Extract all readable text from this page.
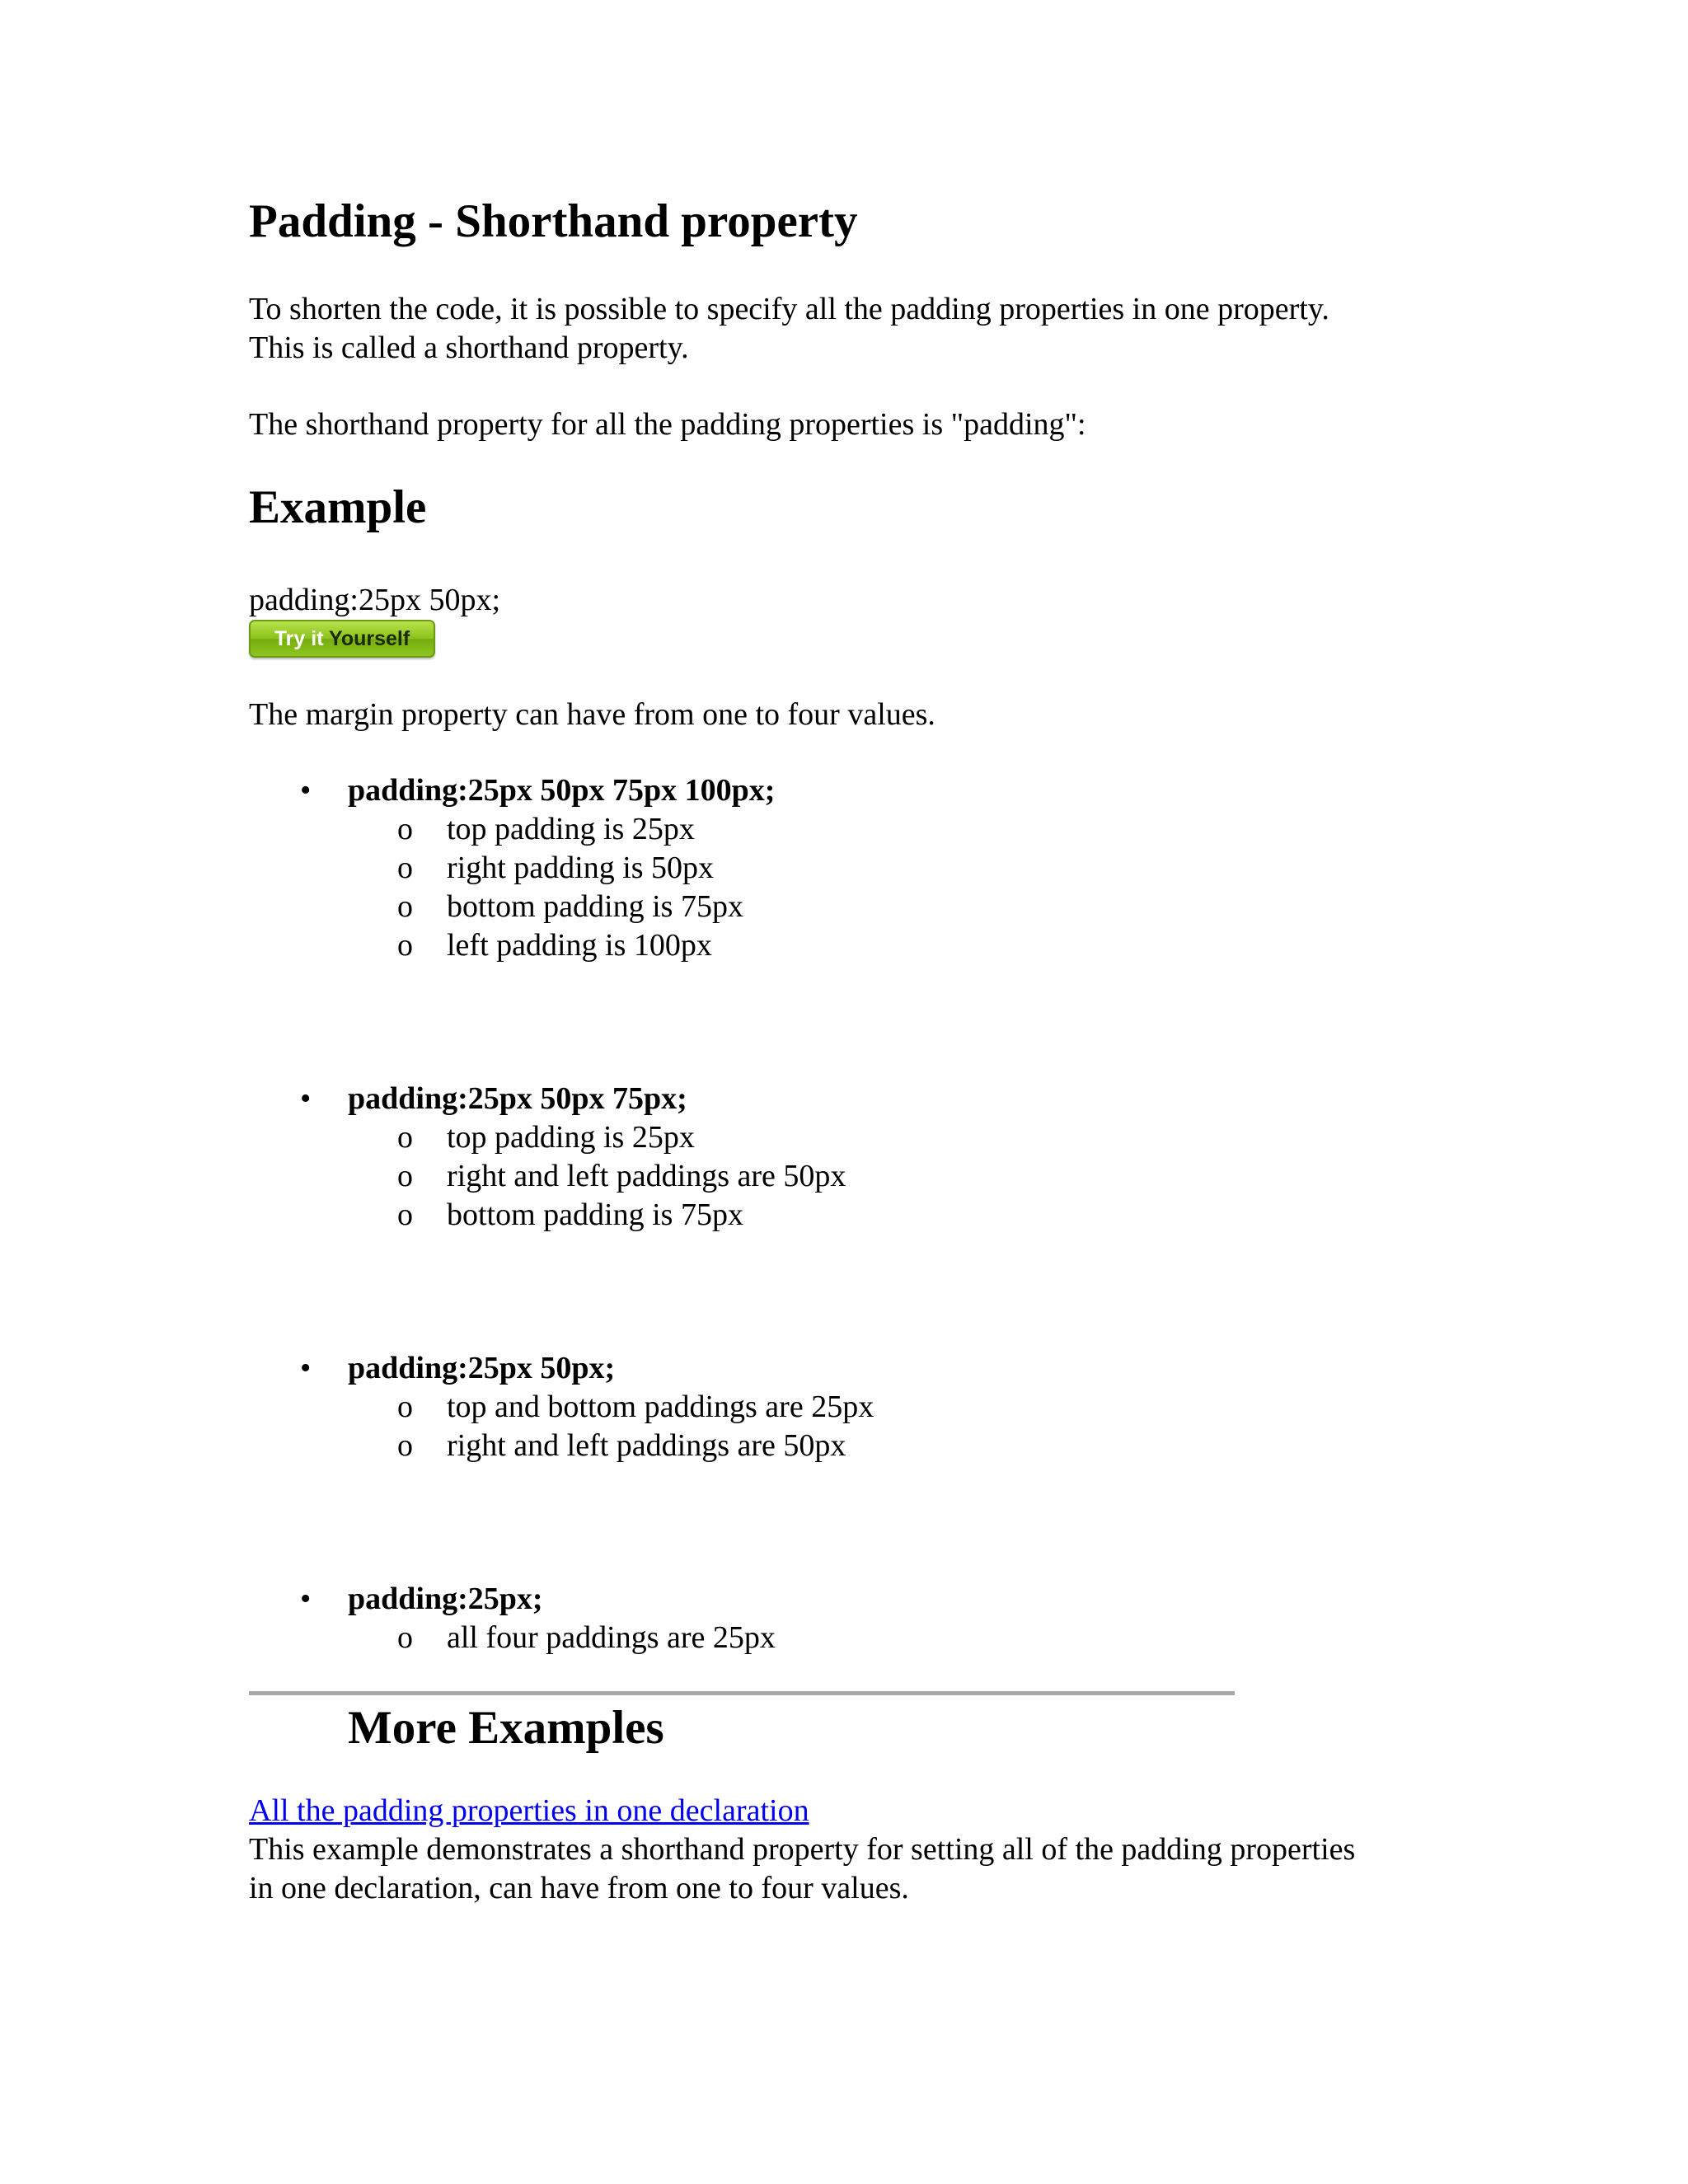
Padding - Shorthand property

To shorten the code, it is possible to specify all the padding properties in one property.
This is called a shorthand property.

The shorthand property for all the padding properties is "padding":

Example

padding:25px 50px;

Try it Yourself

The margin property can have from one to four values.

• padding:25px 50px 75px 100px;
o top padding is 25px
o right padding is 50px
o bottom padding is 75px
o left padding is 100px
• padding:25px 50px 75px;
o top padding is 25px
o right and left paddings are 50px
o bottom padding is 75px
• padding:25px 50px;
o top and bottom paddings are 25px
o right and left paddings are 50px
• padding:25px;
o all four paddings are 25px
More Examples
All the padding properties in one declaration

This example demonstrates a shorthand property for setting all of the padding properties
in one declaration, can have from one to four values.
